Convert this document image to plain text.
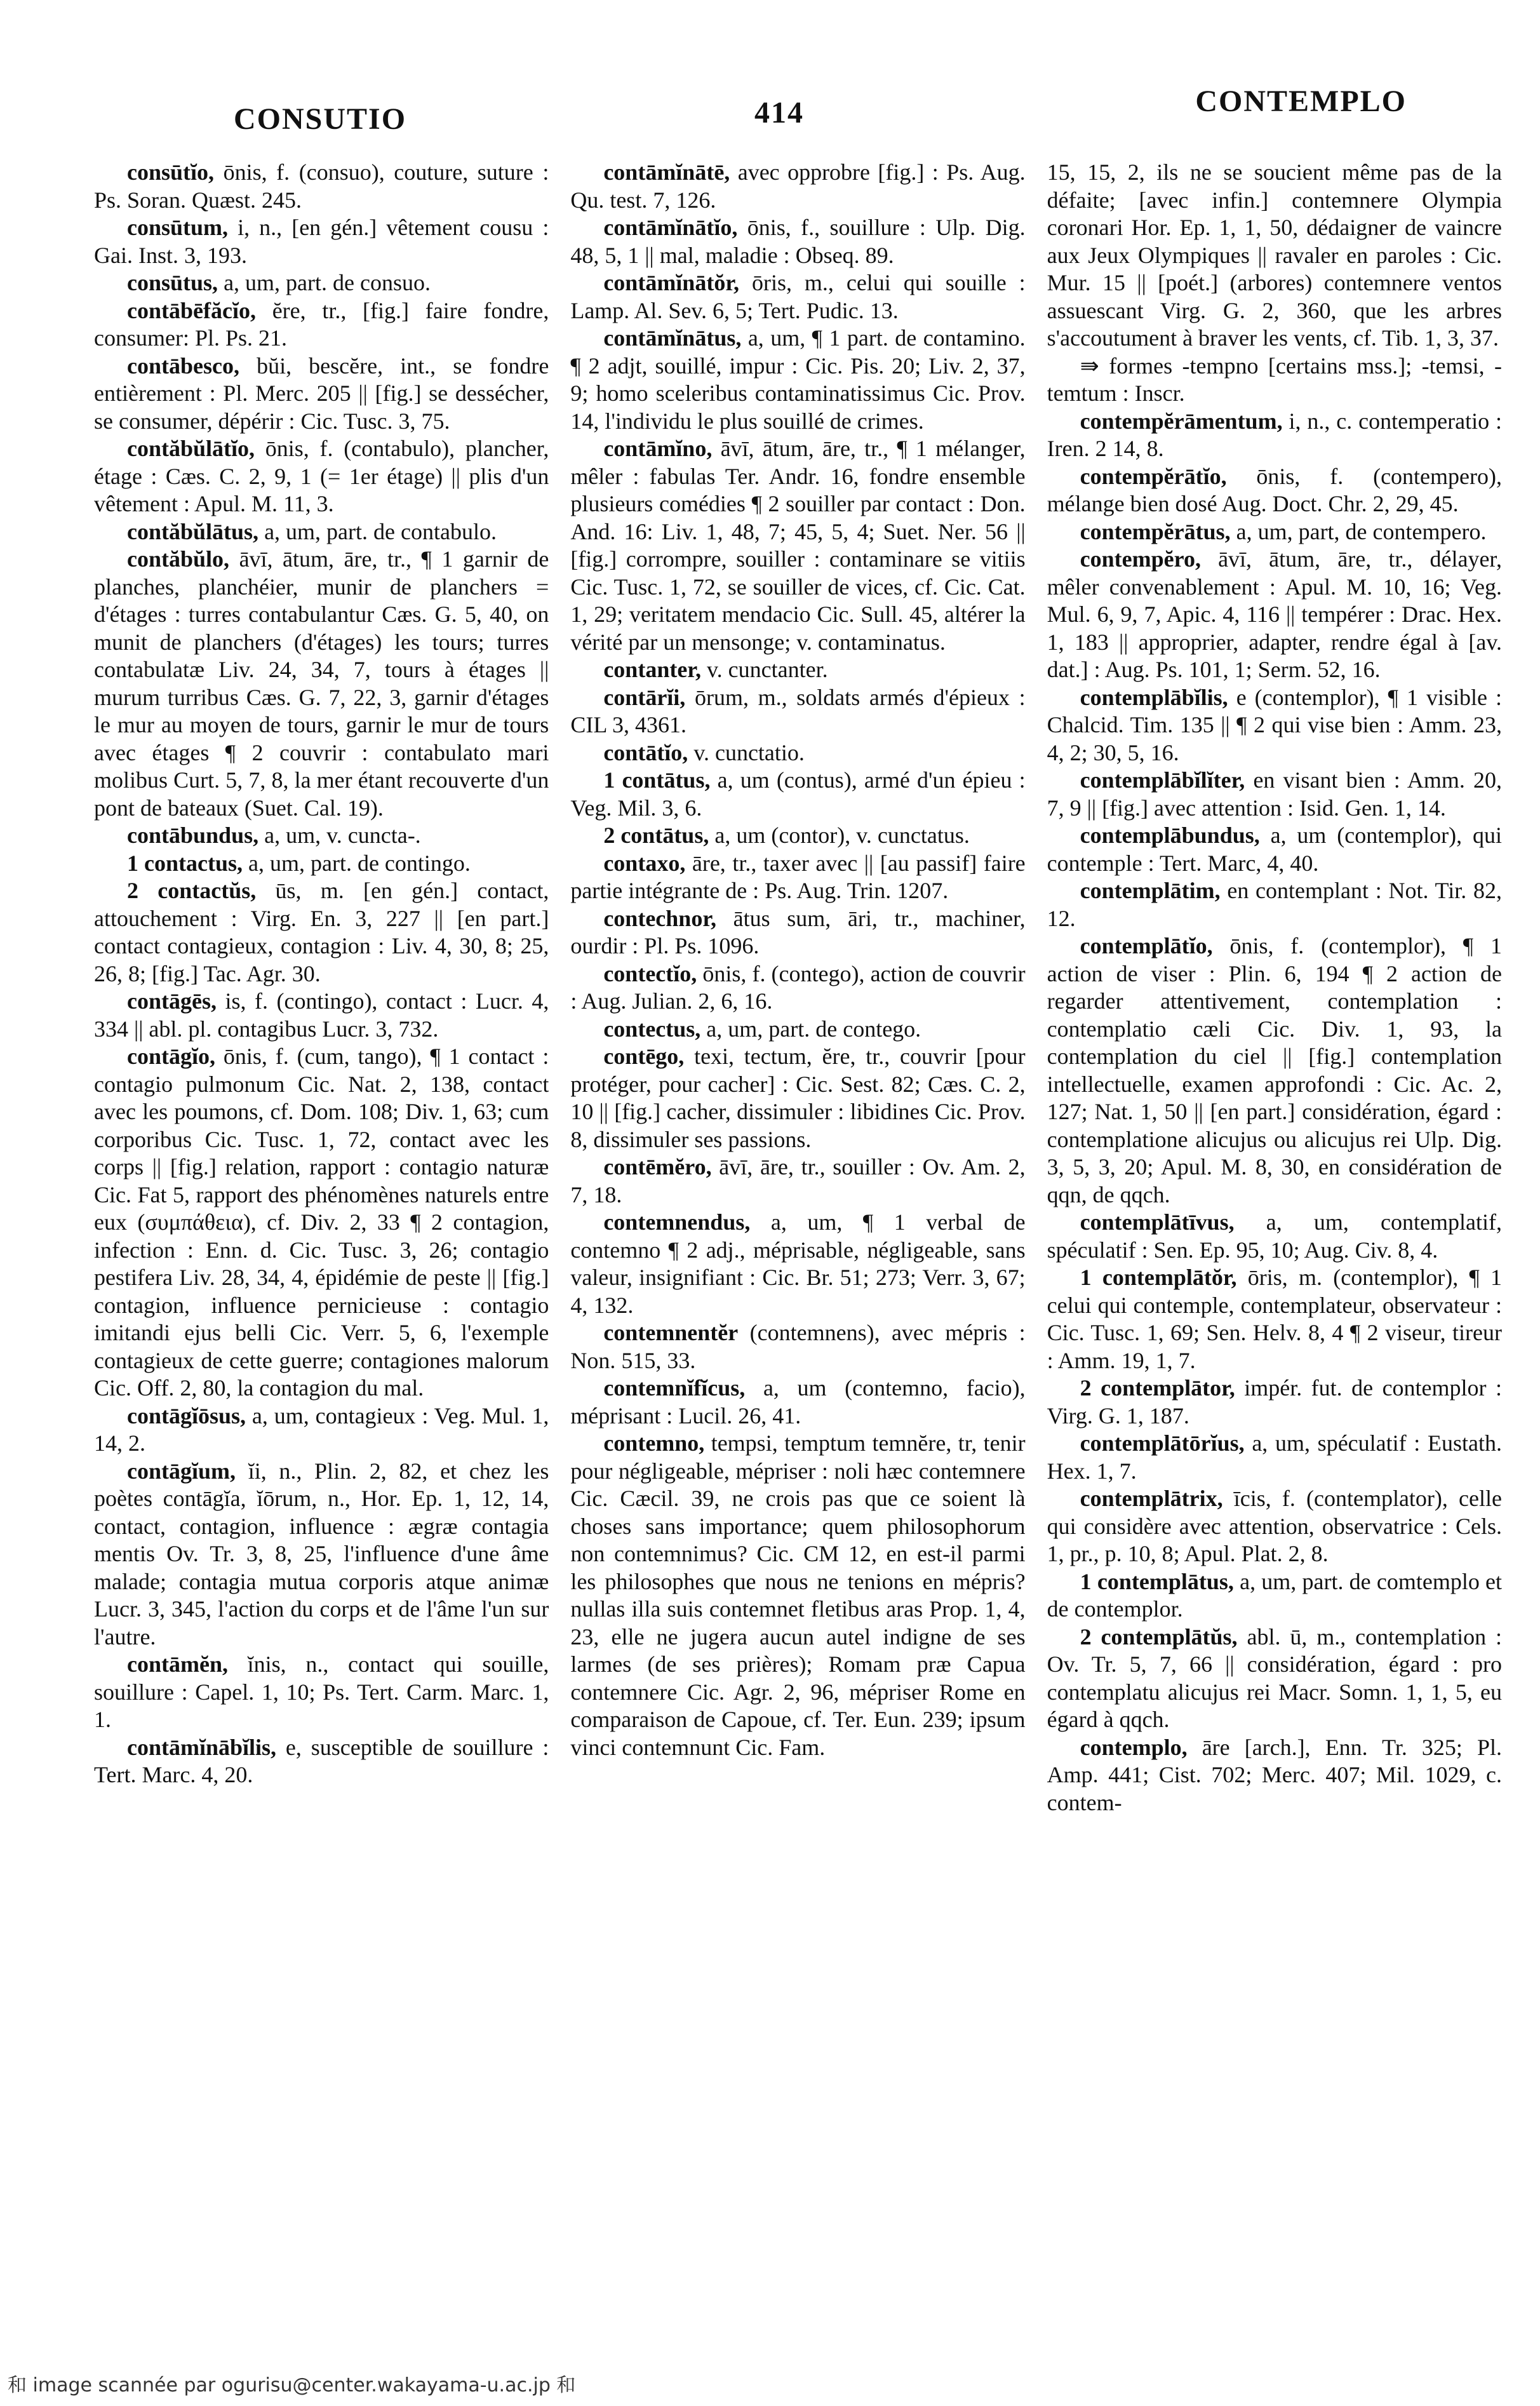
CONSUTIO	414	CONTEMPLO

consūtĭo, ōnis, f. (consuo), couture, suture : Ps. Soran. Quæst. 245.

consūtum, i, n., [en gén.] vêtement cousu : Gai. Inst. 3, 193.

consūtus, a, um, part. de consuo.

contābēfăcĭo, ĕre, tr., [fig.] faire fondre, consumer: Pl. Ps. 21.

contābesco, bŭi, bescĕre, int., se fondre entièrement : Pl. Merc. 205 || [fig.] se dessécher, se consumer, dépérir : Cic. Tusc. 3, 75.

contăbŭlātĭo, ōnis, f. (contabulo), plancher, étage : Cæs. C. 2, 9, 1 (= 1er étage) || plis d'un vêtement : Apul. M. 11, 3.

contăbŭlātus, a, um, part. de contabulo.

contăbŭlo, āvī, ātum, āre, tr., ¶ 1 garnir de planches, planchéier, munir de planchers = d'étages : turres contabulantur Cæs. G. 5, 40, on munit de planchers (d'étages) les tours; turres contabulatæ Liv. 24, 34, 7, tours à étages || murum turribus Cæs. G. 7, 22, 3, garnir d'étages le mur au moyen de tours, garnir le mur de tours avec étages ¶ 2 couvrir : contabulato mari molibus Curt. 5, 7, 8, la mer étant recouverte d'un pont de bateaux (Suet. Cal. 19).

contābundus, a, um, v. cuncta-.

1 contactus, a, um, part. de contingo.

2 contactŭs, ūs, m. [en gén.] contact, attouchement : Virg. En. 3, 227 || [en part.] contact contagieux, contagion : Liv. 4, 30, 8; 25, 26, 8; [fig.] Tac. Agr. 30.

contāgēs, is, f. (contingo), contact : Lucr. 4, 334 || abl. pl. contagibus Lucr. 3, 732.

contāgĭo, ōnis, f. (cum, tango), ¶ 1 contact : contagio pulmonum Cic. Nat. 2, 138, contact avec les poumons, cf. Dom. 108; Div. 1, 63; cum corporibus Cic. Tusc. 1, 72, contact avec les corps || [fig.] relation, rapport : contagio naturæ Cic. Fat 5, rapport des phénomènes naturels entre eux (συμπάθεια), cf. Div. 2, 33 ¶ 2 contagion, infection : Enn. d. Cic. Tusc. 3, 26; contagio pestifera Liv. 28, 34, 4, épidémie de peste || [fig.] contagion, influence pernicieuse : contagio imitandi ejus belli Cic. Verr. 5, 6, l'exemple contagieux de cette guerre; contagiones malorum Cic. Off. 2, 80, la contagion du mal.

contāgĭōsus, a, um, contagieux : Veg. Mul. 1, 14, 2.

contāgĭum, ĭi, n., Plin. 2, 82, et chez les poètes contāgĭa, ĭōrum, n., Hor. Ep. 1, 12, 14, contact, contagion, influence : ægræ contagia mentis Ov. Tr. 3, 8, 25, l'influence d'une âme malade; contagia mutua corporis atque animæ Lucr. 3, 345, l'action du corps et de l'âme l'un sur l'autre.

contāmĕn, ĭnis, n., contact qui souille, souillure : Capel. 1, 10; Ps. Tert. Carm. Marc. 1, 1.

contāmĭnābĭlis, e, susceptible de souillure : Tert. Marc. 4, 20.

contāmĭnātē, avec opprobre [fig.] : Ps. Aug. Qu. test. 7, 126.

contāmĭnātĭo, ōnis, f., souillure : Ulp. Dig. 48, 5, 1 || mal, maladie : Obseq. 89.

contāmĭnātŏr, ōris, m., celui qui souille : Lamp. Al. Sev. 6, 5; Tert. Pudic. 13.

contāmĭnātus, a, um, ¶ 1 part. de contamino. ¶ 2 adjt, souillé, impur : Cic. Pis. 20; Liv. 2, 37, 9; homo sceleribus contaminatissimus Cic. Prov. 14, l'individu le plus souillé de crimes.

contāmĭno, āvī, ātum, āre, tr., ¶ 1 mélanger, mêler : fabulas Ter. Andr. 16, fondre ensemble plusieurs comédies ¶ 2 souiller par contact : Don. And. 16: Liv. 1, 48, 7; 45, 5, 4; Suet. Ner. 56 || [fig.] corrompre, souiller : contaminare se vitiis Cic. Tusc. 1, 72, se souiller de vices, cf. Cic. Cat. 1, 29; veritatem mendacio Cic. Sull. 45, altérer la vérité par un mensonge; v. contaminatus.

contanter, v. cunctanter.

contārĭi, ōrum, m., soldats armés d'épieux : CIL 3, 4361.

contātĭo, v. cunctatio.

1 contātus, a, um (contus), armé d'un épieu : Veg. Mil. 3, 6.

2 contātus, a, um (contor), v. cunctatus.

contaxo, āre, tr., taxer avec || [au passif] faire partie intégrante de : Ps. Aug. Trin. 1207.

contechnor, ātus sum, āri, tr., machiner, ourdir : Pl. Ps. 1096.

contectĭo, ōnis, f. (contego), action de couvrir : Aug. Julian. 2, 6, 16.

contectus, a, um, part. de contego.

contēgo, texi, tectum, ĕre, tr., couvrir [pour protéger, pour cacher] : Cic. Sest. 82; Cæs. C. 2, 10 || [fig.] cacher, dissimuler : libidines Cic. Prov. 8, dissimuler ses passions.

contēmĕro, āvī, āre, tr., souiller : Ov. Am. 2, 7, 18.

contemnendus, a, um, ¶ 1 verbal de contemno ¶ 2 adj., méprisable, négligeable, sans valeur, insignifiant : Cic. Br. 51; 273; Verr. 3, 67; 4, 132.

contemnentĕr (contemnens), avec mépris : Non. 515, 33.

contemnĭfĭcus, a, um (contemno, facio), méprisant : Lucil. 26, 41.

contemno, tempsi, temptum temnĕre, tr, tenir pour négligeable, mépriser : noli hæc contemnere Cic. Cæcil. 39, ne crois pas que ce soient là choses sans importance; quem philosophorum non contemnimus? Cic. CM 12, en est-il parmi les philosophes que nous ne tenions en mépris? nullas illa suis contemnet fletibus aras Prop. 1, 4, 23, elle ne jugera aucun autel indigne de ses larmes (de ses prières); Romam præ Capua contemnere Cic. Agr. 2, 96, mépriser Rome en comparaison de Capoue, cf. Ter. Eun. 239; ipsum vinci contemnunt Cic. Fam.

15, 15, 2, ils ne se soucient même pas de la défaite; [avec infin.] contemnere Olympia coronari Hor. Ep. 1, 1, 50, dédaigner de vaincre aux Jeux Olympiques || ravaler en paroles : Cic. Mur. 15 || [poét.] (arbores) contemnere ventos assuescant Virg. G. 2, 360, que les arbres s'accoutument à braver les vents, cf. Tib. 1, 3, 37.

⇛ formes -tempno [certains mss.]; -temsi, -temtum : Inscr.

contempĕrāmentum, i, n., c. contemperatio : Iren. 2 14, 8.

contempĕrātĭo, ōnis, f. (contempero), mélange bien dosé Aug. Doct. Chr. 2, 29, 45.

contempĕrātus, a, um, part, de contempero.

contempĕro, āvī, ātum, āre, tr., délayer, mêler convenablement : Apul. M. 10, 16; Veg. Mul. 6, 9, 7, Apic. 4, 116 || tempérer : Drac. Hex. 1, 183 || approprier, adapter, rendre égal à [av. dat.] : Aug. Ps. 101, 1; Serm. 52, 16.

contemplābĭlis, e (contemplor), ¶ 1 visible : Chalcid. Tim. 135 || ¶ 2 qui vise bien : Amm. 23, 4, 2; 30, 5, 16.

contemplābĭlĭter, en visant bien : Amm. 20, 7, 9 || [fig.] avec attention : Isid. Gen. 1, 14.

contemplābundus, a, um (contemplor), qui contemple : Tert. Marc, 4, 40.

contemplātim, en contemplant : Not. Tir. 82, 12.

contemplātĭo, ōnis, f. (contemplor), ¶ 1 action de viser : Plin. 6, 194 ¶ 2 action de regarder attentivement, contemplation : contemplatio cæli Cic. Div. 1, 93, la contemplation du ciel || [fig.] contemplation intellectuelle, examen approfondi : Cic. Ac. 2, 127; Nat. 1, 50 || [en part.] considération, égard : contemplatione alicujus ou alicujus rei Ulp. Dig. 3, 5, 3, 20; Apul. M. 8, 30, en considération de qqn, de qqch.

contemplātīvus, a, um, contemplatif, spéculatif : Sen. Ep. 95, 10; Aug. Civ. 8, 4.

1 contemplātŏr, ōris, m. (contemplor), ¶ 1 celui qui contemple, contemplateur, observateur : Cic. Tusc. 1, 69; Sen. Helv. 8, 4 ¶ 2 viseur, tireur : Amm. 19, 1, 7.

2 contemplātor, impér. fut. de contemplor : Virg. G. 1, 187.

contemplātōrĭus, a, um, spéculatif : Eustath. Hex. 1, 7.

contemplātrix, īcis, f. (contemplator), celle qui considère avec attention, observatrice : Cels. 1, pr., p. 10, 8; Apul. Plat. 2, 8.

1 contemplātus, a, um, part. de comtemplo et de contemplor.

2 contemplātŭs, abl. ū, m., contemplation : Ov. Tr. 5, 7, 66 || considération, égard : pro contemplatu alicujus rei Macr. Somn. 1, 1, 5, eu égard à qqch.

contemplo, āre [arch.], Enn. Tr. 325; Pl. Amp. 441; Cist. 702; Merc. 407; Mil. 1029, c. contem-

和 image scannée par ogurisu@center.wakayama-u.ac.jp 和
